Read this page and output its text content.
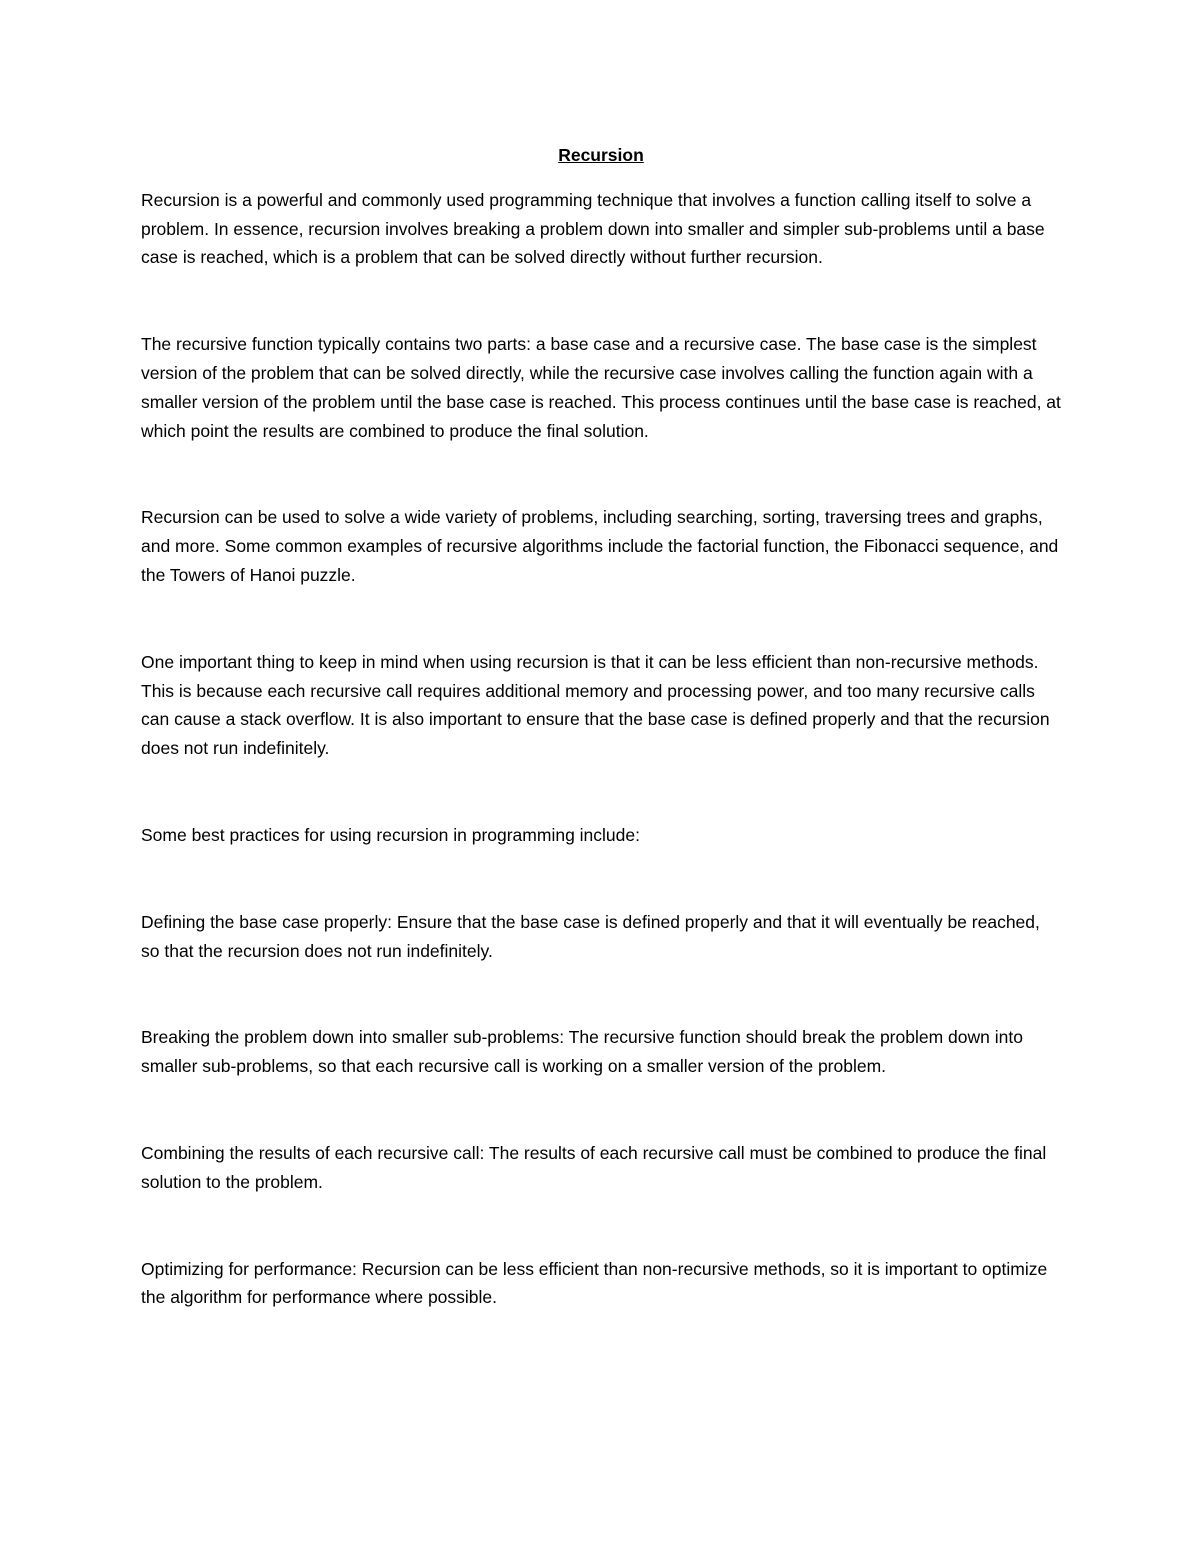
Recursion

Recursion is a powerful and commonly used programming technique that involves a function calling itself to solve a problem. In essence, recursion involves breaking a problem down into smaller and simpler sub-problems until a base case is reached, which is a problem that can be solved directly without further recursion.

The recursive function typically contains two parts: a base case and a recursive case. The base case is the simplest version of the problem that can be solved directly, while the recursive case involves calling the function again with a smaller version of the problem until the base case is reached. This process continues until the base case is reached, at which point the results are combined to produce the final solution.

Recursion can be used to solve a wide variety of problems, including searching, sorting, traversing trees and graphs, and more. Some common examples of recursive algorithms include the factorial function, the Fibonacci sequence, and the Towers of Hanoi puzzle.

One important thing to keep in mind when using recursion is that it can be less efficient than non-recursive methods. This is because each recursive call requires additional memory and processing power, and too many recursive calls can cause a stack overflow. It is also important to ensure that the base case is defined properly and that the recursion does not run indefinitely.

Some best practices for using recursion in programming include:

Defining the base case properly: Ensure that the base case is defined properly and that it will eventually be reached, so that the recursion does not run indefinitely.

Breaking the problem down into smaller sub-problems: The recursive function should break the problem down into smaller sub-problems, so that each recursive call is working on a smaller version of the problem.

Combining the results of each recursive call: The results of each recursive call must be combined to produce the final solution to the problem.

Optimizing for performance: Recursion can be less efficient than non-recursive methods, so it is important to optimize the algorithm for performance where possible.
